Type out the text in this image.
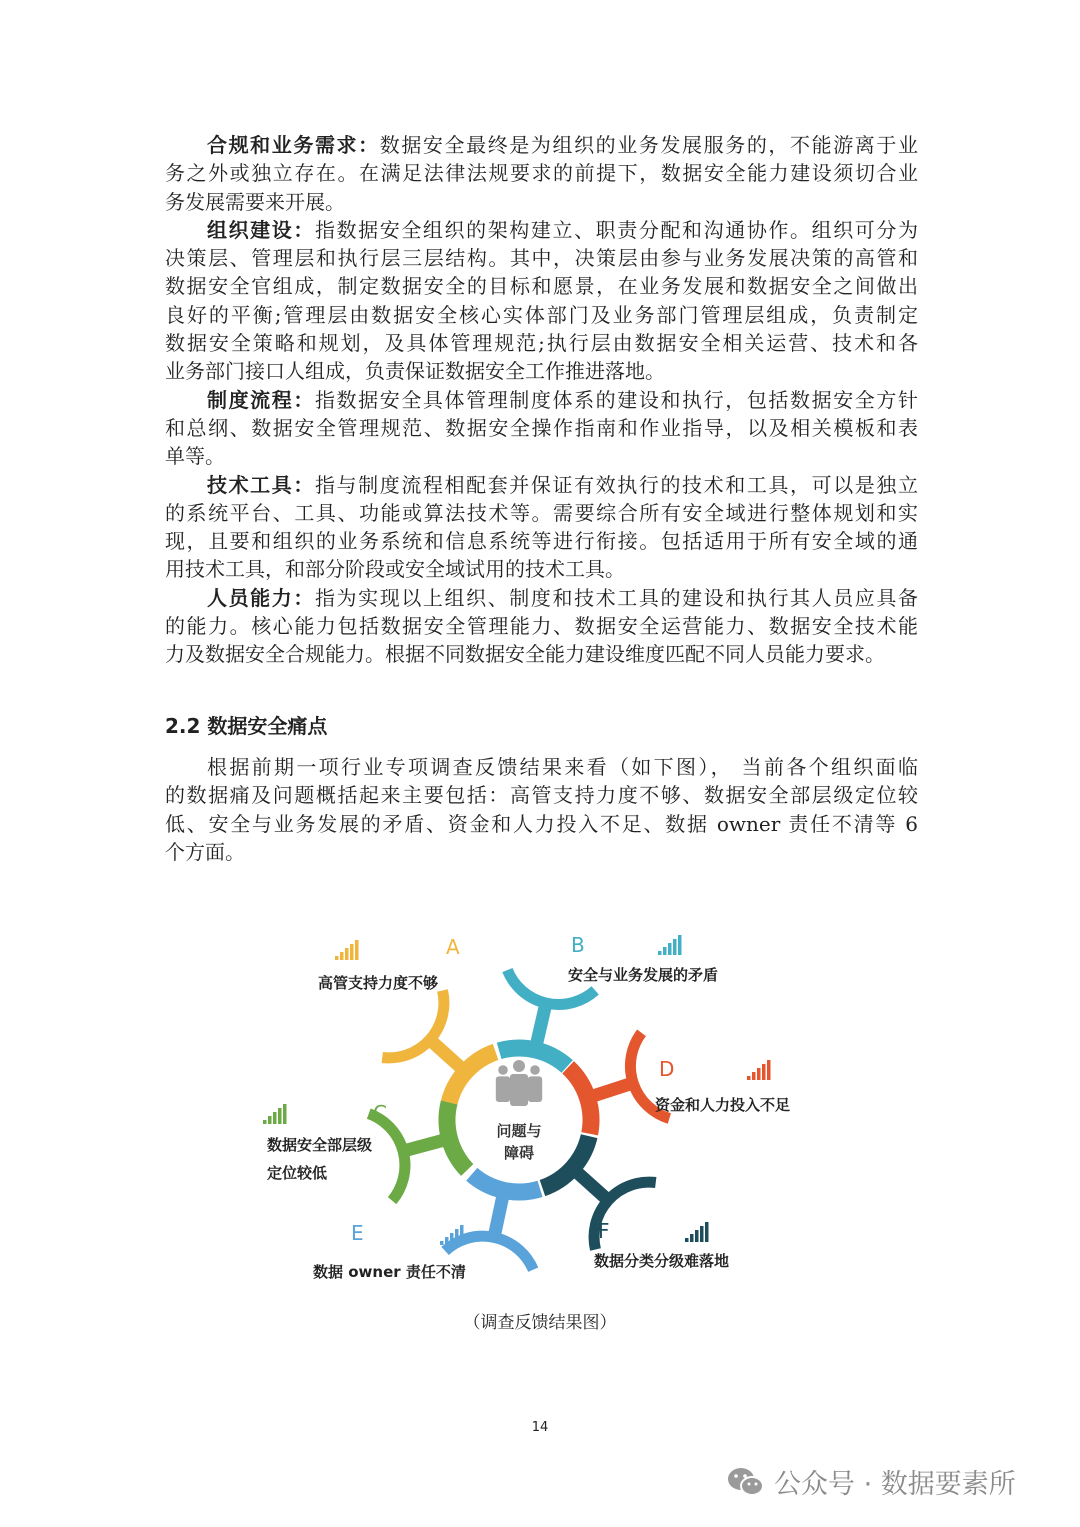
合规和业务需求：数据安全最终是为组织的业务发展服务的，不能游离于业
务之外或独立存在。在满足法律法规要求的前提下，数据安全能力建设须切合业
务发展需要来开展。
组织建设：指数据安全组织的架构建立、职责分配和沟通协作。组织可分为
决策层、管理层和执行层三层结构。其中，决策层由参与业务发展决策的高管和
数据安全官组成，制定数据安全的目标和愿景，在业务发展和数据安全之间做出
良好的平衡;管理层由数据安全核心实体部门及业务部门管理层组成，负责制定
数据安全策略和规划，及具体管理规范;执行层由数据安全相关运营、技术和各
业务部门接口人组成，负责保证数据安全工作推进落地。
制度流程：指数据安全具体管理制度体系的建设和执行，包括数据安全方针
和总纲、数据安全管理规范、数据安全操作指南和作业指导，以及相关模板和表
单等。
技术工具：指与制度流程相配套并保证有效执行的技术和工具，可以是独立
的系统平台、工具、功能或算法技术等。需要综合所有安全域进行整体规划和实
现，且要和组织的业务系统和信息系统等进行衔接。包括适用于所有安全域的通
用技术工具，和部分阶段或安全域试用的技术工具。
人员能力：指为实现以上组织、制度和技术工具的建设和执行其人员应具备
的能力。核心能力包括数据安全管理能力、数据安全运营能力、数据安全技术能
力及数据安全合规能力。根据不同数据安全能力建设维度匹配不同人员能力要求。
2.2 数据安全痛点
根据前期一项行业专项调查反馈结果来看（如下图）， 当前各个组织面临
的数据痛及问题概括起来主要包括：高管支持力度不够、数据安全部层级定位较
低、安全与业务发展的矛盾、资金和人力投入不足、数据 owner 责任不清等 6
个方面。
A
高管支持力度不够
B
安全与业务发展的矛盾
D
资金和人力投入不足
F
数据分类分级难落地
E
数据 owner 责任不清
C
数据安全部层级
定位较低
问题与
障碍
（调查反馈结果图）
14
公众号 · 数据要素所
